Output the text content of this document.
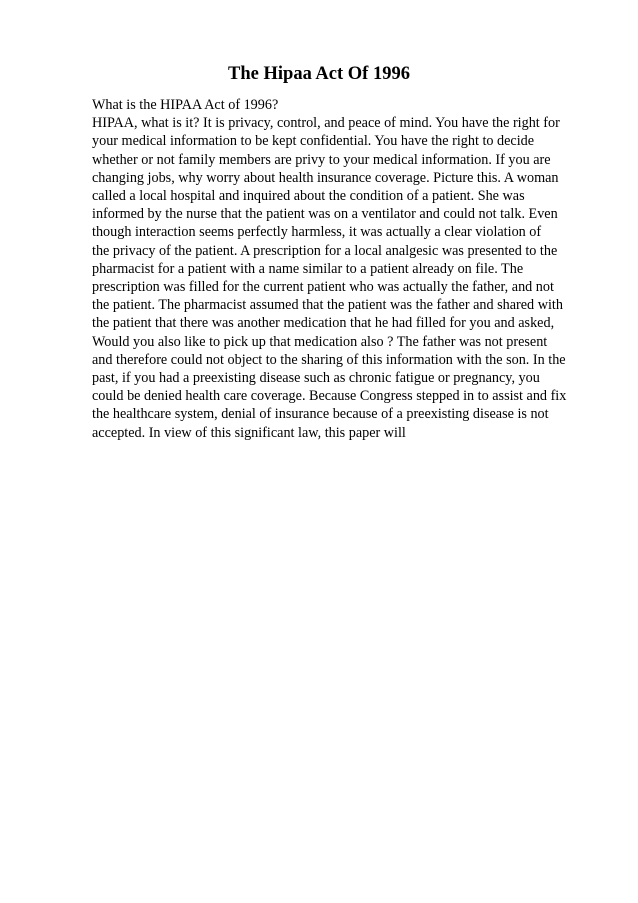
The Hipaa Act Of 1996
What is the HIPAA Act of 1996?
HIPAA, what is it? It is privacy, control, and peace of mind. You have the right for
your medical information to be kept confidential. You have the right to decide
whether or not family members are privy to your medical information. If you are
changing jobs, why worry about health insurance coverage. Picture this. A woman
called a local hospital and inquired about the condition of a patient. She was
informed by the nurse that the patient was on a ventilator and could not talk. Even
though interaction seems perfectly harmless, it was actually a clear violation of
the privacy of the patient. A prescription for a local analgesic was presented to the
pharmacist for a patient with a name similar to a patient already on file. The
prescription was filled for the current patient who was actually the father, and not
the patient. The pharmacist assumed that the patient was the father and shared with
the patient that there was another medication that he had filled for you and asked,
Would you also like to pick up that medication also ? The father was not present
and therefore could not object to the sharing of this information with the son. In the
past, if you had a preexisting disease such as chronic fatigue or pregnancy, you
could be denied health care coverage. Because Congress stepped in to assist and fix
the healthcare system, denial of insurance because of a preexisting disease is not
accepted. In view of this significant law, this paper will
